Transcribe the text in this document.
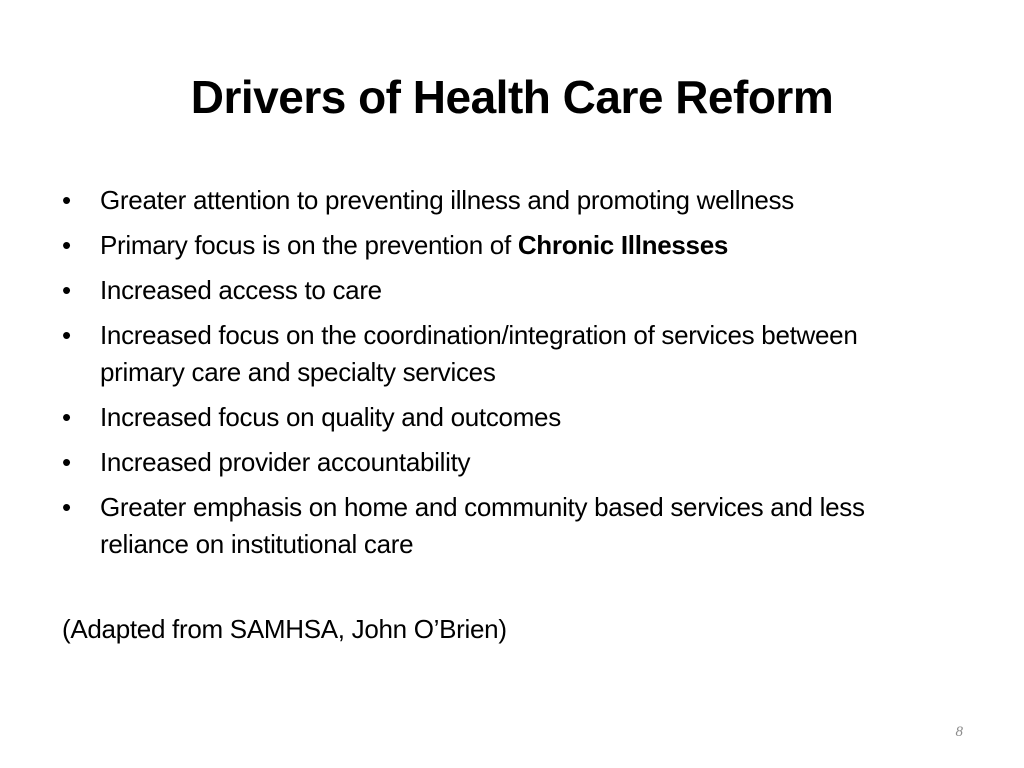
Drivers of Health Care Reform
• Greater attention to preventing illness and promoting wellness
• Primary focus is on the prevention of Chronic Illnesses
• Increased access to care
• Increased focus on the coordination/integration of services between primary care and specialty services
• Increased focus on quality and outcomes
• Increased provider accountability
• Greater emphasis on home and community based services and less reliance on institutional care

(Adapted from SAMHSA, John O’Brien)

8
